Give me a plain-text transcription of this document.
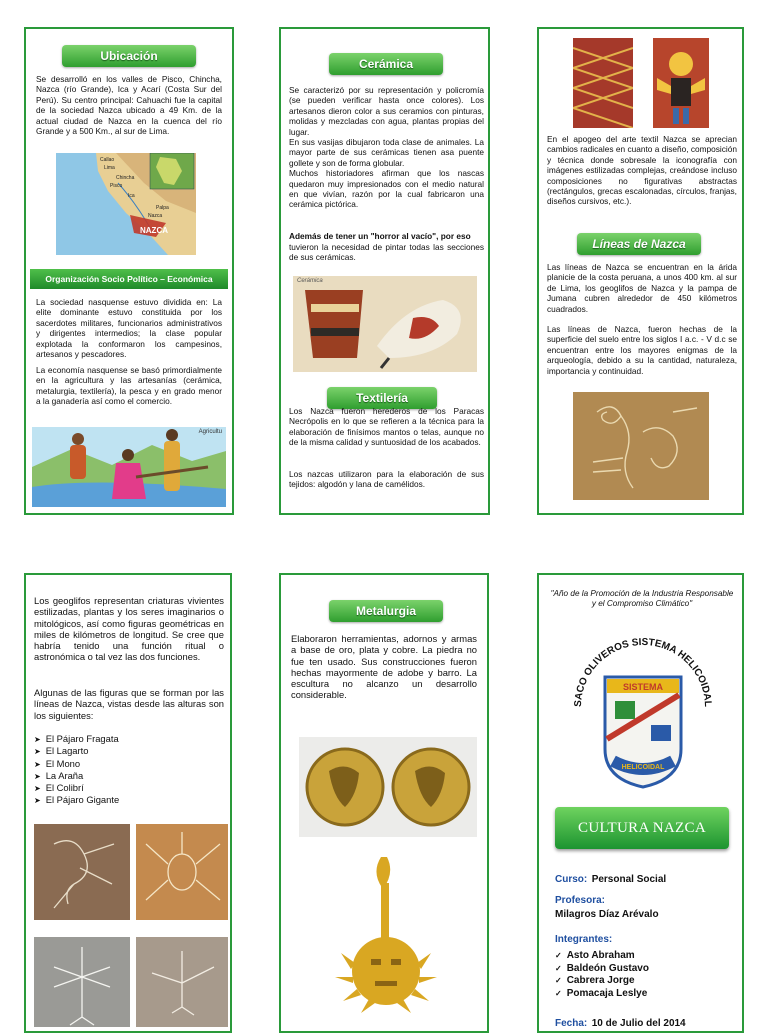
Ubicación
Se desarrolló en los valles de Pisco, Chincha, Nazca (río Grande), Ica y Acarí (Costa Sur del Perú). Su centro principal: Cahuachi fue la capital de la sociedad Nazca ubicado a 49 Km. de la actual ciudad de Nazca en la cuenca del río Grande y a 500 Km., al sur de Lima.
Callao
Lima
Chincha
Pisco
Ica
Nazca
Palpa
NAZCA
Organización Socio Político – Económica
La sociedad nasquense estuvo dividida en: La elite dominante estuvo constituida por los sacerdotes militares, funcionarios administrativos y dirigentes intermedios; la clase popular explotada la conformaron los campesinos, artesanos y pescadores.
La economía nasquense se basó primordialmente en la agricultura y las artesanías (cerámica, metalurgia, textilería), la pesca y en grado menor a la ganadería así como el comercio.
Agricultu
Cerámica
Se caracterizó por su representación y policromía (se pueden verificar hasta once colores). Los artesanos dieron color a sus ceramios con pinturas, molidas y mezcladas con agua, plantas propias del lugar.
En sus vasijas dibujaron toda clase de animales. La mayor parte de sus cerámicas tienen asa puente gollete y son de forma globular.
Muchos historiadores afirman que los nascas quedaron muy impresionados con el medio natural en que vivían, razón por la cual fabricaron una cerámica pictórica.

Además de tener un "horror al vacío", por eso
tuvieron la necesidad de pintar todas las secciones de sus cerámicas.

Cerámica
Textilería
Los Nazca fueron herederos de los Paracas Necrópolis en lo que se refieren a la técnica para la elaboración de finísimos mantos o telas, aunque no de la misma calidad y suntuosidad de los acabados.
Los nazcas utilizaron para la elaboración de sus tejidos: algodón y lana de camélidos.
En el apogeo del arte textil Nazca se aprecian cambios radicales en cuanto a diseño, composición y técnica donde sobresale la iconografía con imágenes estilizadas complejas, creándose incluso composiciones no figurativas abstractas (rectángulos, grecas escalonadas, círculos, franjas, diseños cursivos, etc.).
Líneas de Nazca
Las líneas de Nazca se encuentran en la árida planicie de la costa peruana, a unos 400 km. al sur de Lima, los geoglifos de Nazca y la pampa de Jumana cubren alrededor de 450 kilómetros cuadrados.
Las líneas de Nazca, fueron hechas de la superficie del suelo entre los siglos I a.c. - V d.c se encuentran entre los mayores enigmas de la arqueología, debido a su la cantidad, naturaleza, importancia y continuidad.
Los geoglifos representan criaturas vivientes estilizadas, plantas y los seres imaginarios o mitológicos, así como figuras geométricas en miles de kilómetros de longitud. Se cree que habría tenido una función ritual o astronómica o tal vez las dos funciones.
Algunas de las figuras que se forman por las líneas de Nazca, vistas desde las alturas son los siguientes:
➤ El Pájaro Fragata
➤ El Lagarto
➤ El Mono
➤ La Araña
➤ El Colibrí
➤ El Pájaro Gigante
Metalurgia
Elaboraron herramientas, adornos y armas a base de oro, plata y cobre. La piedra no fue ten usado. Sus construcciones fueron hechas mayormente de adobe y barro. La escultura no alcanzo un desarrollo considerable.
"Año de la Promoción de la Industria Responsable y el Compromiso Climático"
SACO OLIVEROS SISTEMA HELICOIDAL
SISTEMA
HELICOIDAL
CULTURA NAZCA
Curso: Personal Social
Profesora:
Milagros Díaz Arévalo
Integrantes:
✓ Asto Abraham
✓ Baldeón Gustavo
✓ Cabrera Jorge
✓ Pomacaja Leslye
Fecha: 10 de Julio del 2014
